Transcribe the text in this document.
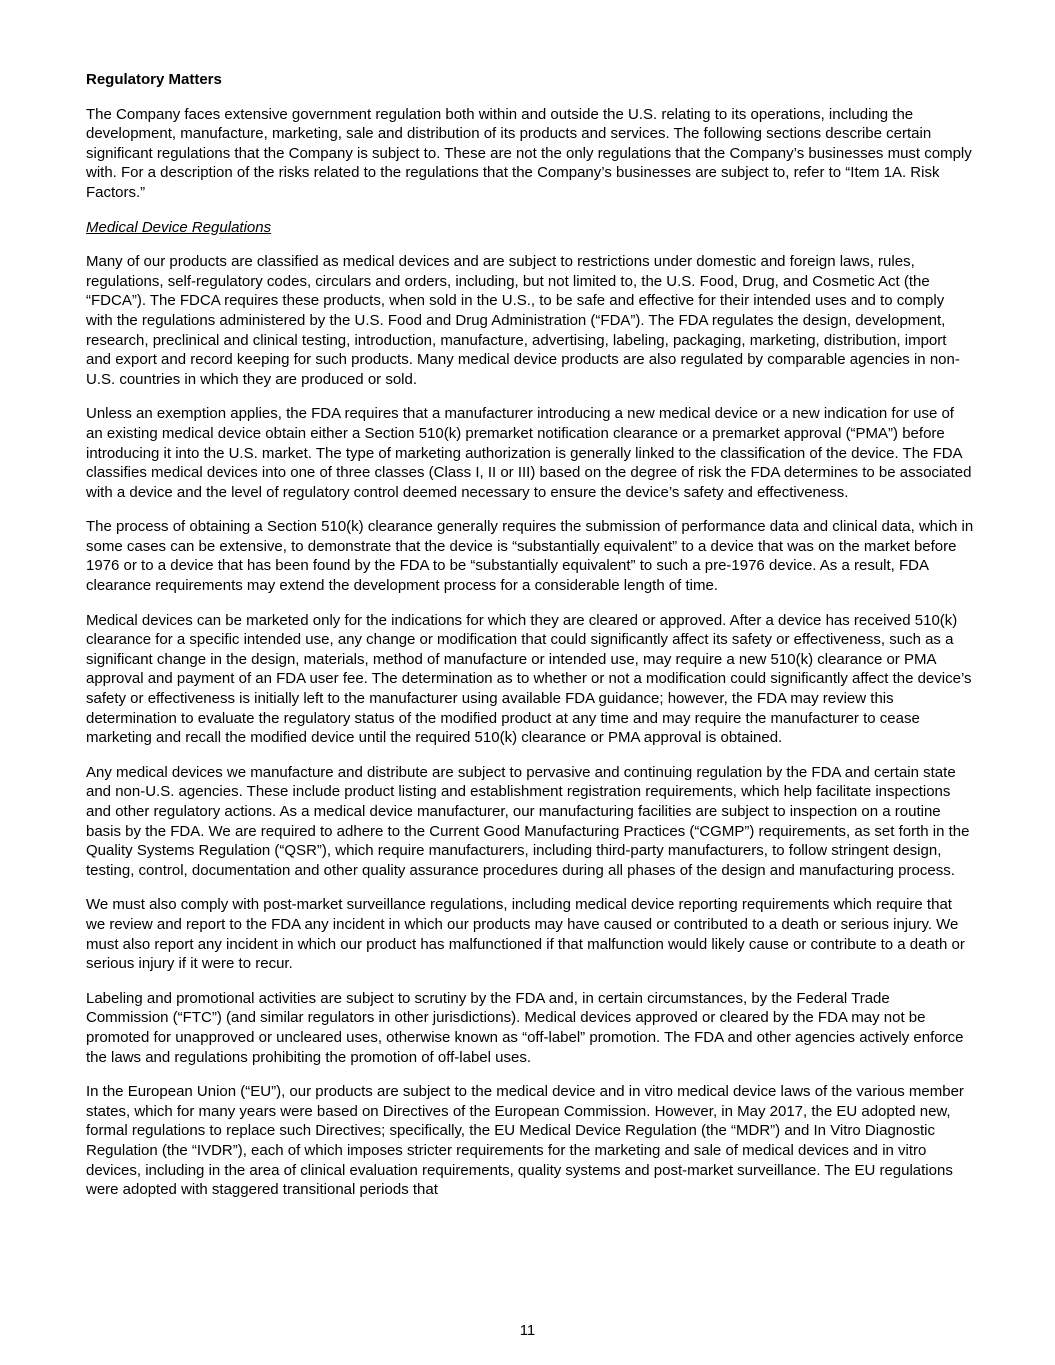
Regulatory Matters

The Company faces extensive government regulation both within and outside the U.S. relating to its operations, including the development, manufacture, marketing, sale and distribution of its products and services. The following sections describe certain significant regulations that the Company is subject to. These are not the only regulations that the Company’s businesses must comply with. For a description of the risks related to the regulations that the Company’s businesses are subject to, refer to “Item 1A. Risk Factors.”

Medical Device Regulations

Many of our products are classified as medical devices and are subject to restrictions under domestic and foreign laws, rules, regulations, self-regulatory codes, circulars and orders, including, but not limited to, the U.S. Food, Drug, and Cosmetic Act (the “FDCA”). The FDCA requires these products, when sold in the U.S., to be safe and effective for their intended uses and to comply with the regulations administered by the U.S. Food and Drug Administration (“FDA”). The FDA regulates the design, development, research, preclinical and clinical testing, introduction, manufacture, advertising, labeling, packaging, marketing, distribution, import and export and record keeping for such products. Many medical device products are also regulated by comparable agencies in non-U.S. countries in which they are produced or sold.

Unless an exemption applies, the FDA requires that a manufacturer introducing a new medical device or a new indication for use of an existing medical device obtain either a Section 510(k) premarket notification clearance or a premarket approval (“PMA”) before introducing it into the U.S. market. The type of marketing authorization is generally linked to the classification of the device. The FDA classifies medical devices into one of three classes (Class I, II or III) based on the degree of risk the FDA determines to be associated with a device and the level of regulatory control deemed necessary to ensure the device’s safety and effectiveness.

The process of obtaining a Section 510(k) clearance generally requires the submission of performance data and clinical data, which in some cases can be extensive, to demonstrate that the device is “substantially equivalent” to a device that was on the market before 1976 or to a device that has been found by the FDA to be “substantially equivalent” to such a pre-1976 device. As a result, FDA clearance requirements may extend the development process for a considerable length of time.

Medical devices can be marketed only for the indications for which they are cleared or approved. After a device has received 510(k) clearance for a specific intended use, any change or modification that could significantly affect its safety or effectiveness, such as a significant change in the design, materials, method of manufacture or intended use, may require a new 510(k) clearance or PMA approval and payment of an FDA user fee. The determination as to whether or not a modification could significantly affect the device’s safety or effectiveness is initially left to the manufacturer using available FDA guidance; however, the FDA may review this determination to evaluate the regulatory status of the modified product at any time and may require the manufacturer to cease marketing and recall the modified device until the required 510(k) clearance or PMA approval is obtained.

Any medical devices we manufacture and distribute are subject to pervasive and continuing regulation by the FDA and certain state and non-U.S. agencies. These include product listing and establishment registration requirements, which help facilitate inspections and other regulatory actions. As a medical device manufacturer, our manufacturing facilities are subject to inspection on a routine basis by the FDA. We are required to adhere to the Current Good Manufacturing Practices (“CGMP”) requirements, as set forth in the Quality Systems Regulation (“QSR”), which require manufacturers, including third-party manufacturers, to follow stringent design, testing, control, documentation and other quality assurance procedures during all phases of the design and manufacturing process.

We must also comply with post-market surveillance regulations, including medical device reporting requirements which require that we review and report to the FDA any incident in which our products may have caused or contributed to a death or serious injury. We must also report any incident in which our product has malfunctioned if that malfunction would likely cause or contribute to a death or serious injury if it were to recur.

Labeling and promotional activities are subject to scrutiny by the FDA and, in certain circumstances, by the Federal Trade Commission (“FTC”) (and similar regulators in other jurisdictions). Medical devices approved or cleared by the FDA may not be promoted for unapproved or uncleared uses, otherwise known as “off-label” promotion. The FDA and other agencies actively enforce the laws and regulations prohibiting the promotion of off-label uses.

In the European Union (“EU”), our products are subject to the medical device and in vitro medical device laws of the various member states, which for many years were based on Directives of the European Commission. However, in May 2017, the EU adopted new, formal regulations to replace such Directives; specifically, the EU Medical Device Regulation (the “MDR”) and In Vitro Diagnostic Regulation (the “IVDR”), each of which imposes stricter requirements for the marketing and sale of medical devices and in vitro devices, including in the area of clinical evaluation requirements, quality systems and post-market surveillance. The EU regulations were adopted with staggered transitional periods that

11
